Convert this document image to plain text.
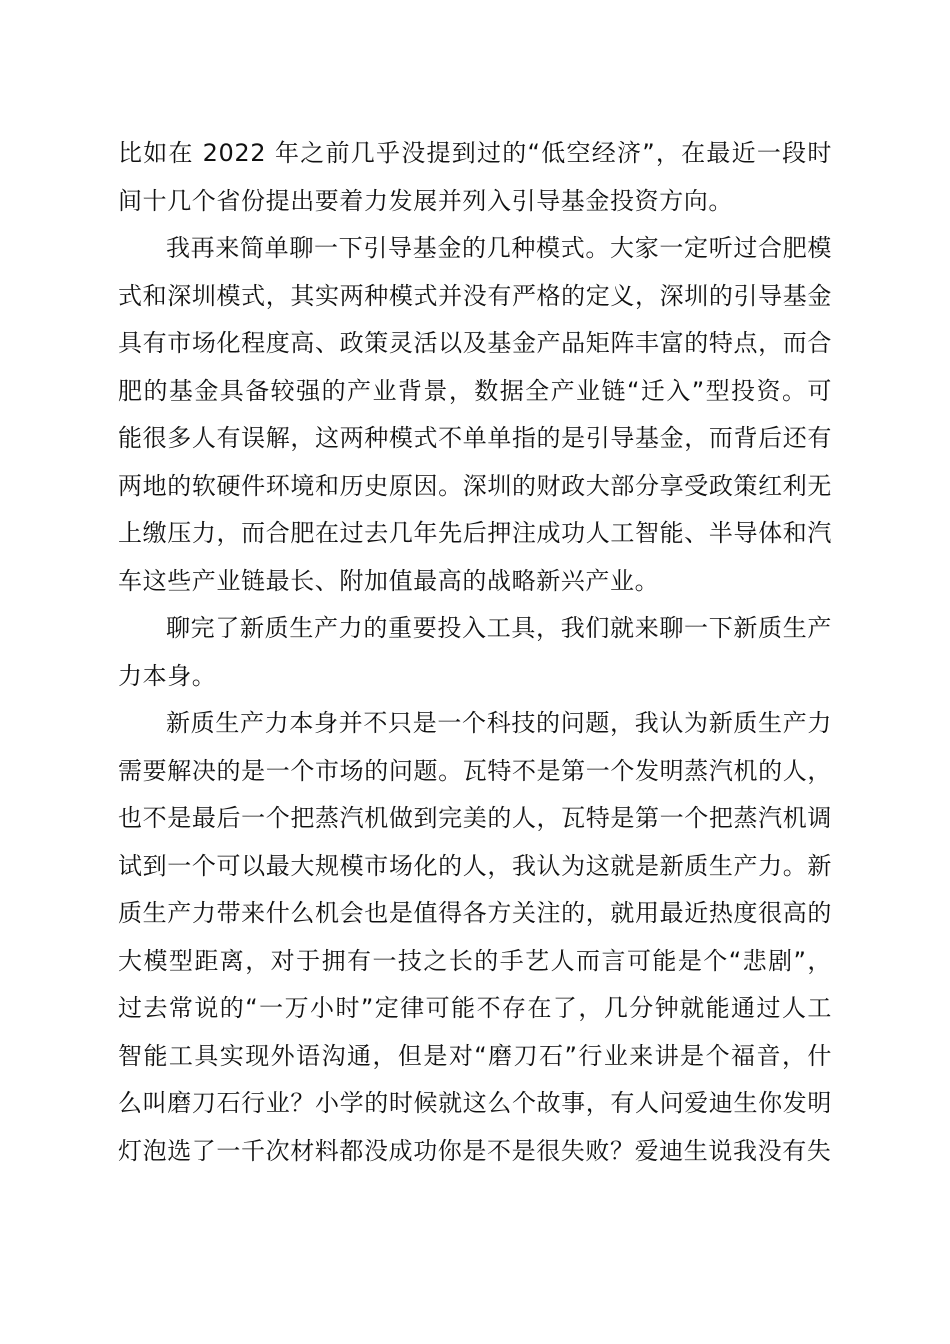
比如在 2022 年之前几乎没提到过的“低空经济”，在最近一段时间十几个省份提出要着力发展并列入引导基金投资方向。

我再来简单聊一下引导基金的几种模式。大家一定听过合肥模式和深圳模式，其实两种模式并没有严格的定义，深圳的引导基金具有市场化程度高、政策灵活以及基金产品矩阵丰富的特点，而合肥的基金具备较强的产业背景，数据全产业链“迁入”型投资。可能很多人有误解，这两种模式不单单指的是引导基金，而背后还有两地的软硬件环境和历史原因。深圳的财政大部分享受政策红利无上缴压力，而合肥在过去几年先后押注成功人工智能、半导体和汽车这些产业链最长、附加值最高的战略新兴产业。

聊完了新质生产力的重要投入工具，我们就来聊一下新质生产力本身。

新质生产力本身并不只是一个科技的问题，我认为新质生产力需要解决的是一个市场的问题。瓦特不是第一个发明蒸汽机的人，也不是最后一个把蒸汽机做到完美的人，瓦特是第一个把蒸汽机调试到一个可以最大规模市场化的人，我认为这就是新质生产力。新质生产力带来什么机会也是值得各方关注的，就用最近热度很高的大模型距离，对于拥有一技之长的手艺人而言可能是个“悲剧”，过去常说的“一万小时”定律可能不存在了，几分钟就能通过人工智能工具实现外语沟通，但是对“磨刀石”行业来讲是个福音，什么叫磨刀石行业？小学的时候就这么个故事，有人问爱迪生你发明灯泡选了一千次材料都没成功你是不是很失败？爱迪生说我没有失
